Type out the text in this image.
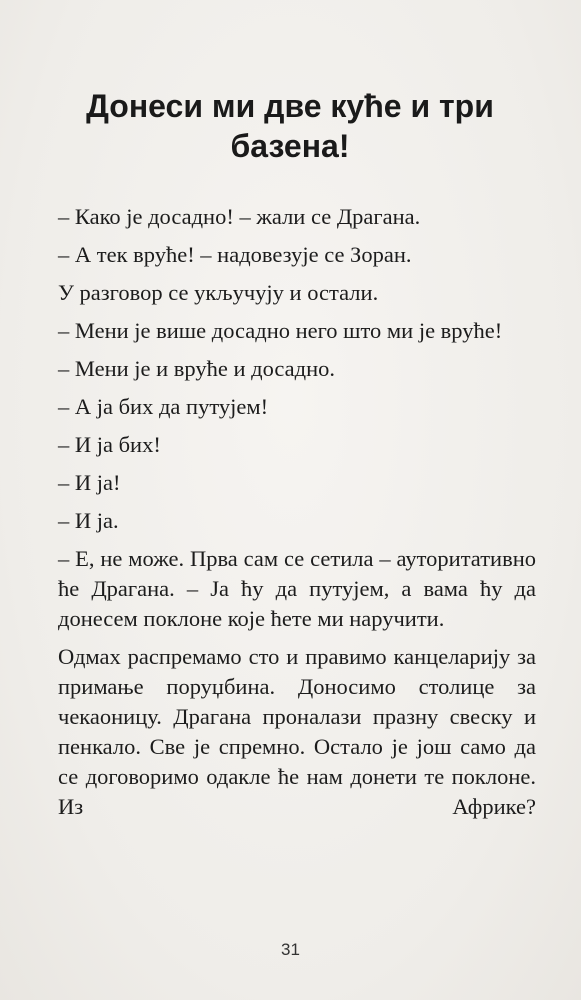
Донеси ми две куће и три базена!

– Како је досадно! – жали се Драгана.

– А тек вруће! – надовезује се Зоран.

У разговор се укључују и остали.

– Мени је више досадно него што ми је вруће!

– Мени је и вруће и досадно.

– А ја бих да путујем!

– И ја бих!

– И ја!

– И ја.

– Е, не може. Прва сам се сетила – ауторитативно ће Драгана. – Ја ћу да путујем, а вама ћу да донесем поклоне које ћете ми наручити.

Одмах распремамо сто и правимо канцеларију за примање поруџбина. Доносимо столице за чекаоницу. Драгана проналази празну свеску и пенкало. Све је спремно. Остало је још само да се договоримо одакле ће нам донети те поклоне. Из Африке?

31
